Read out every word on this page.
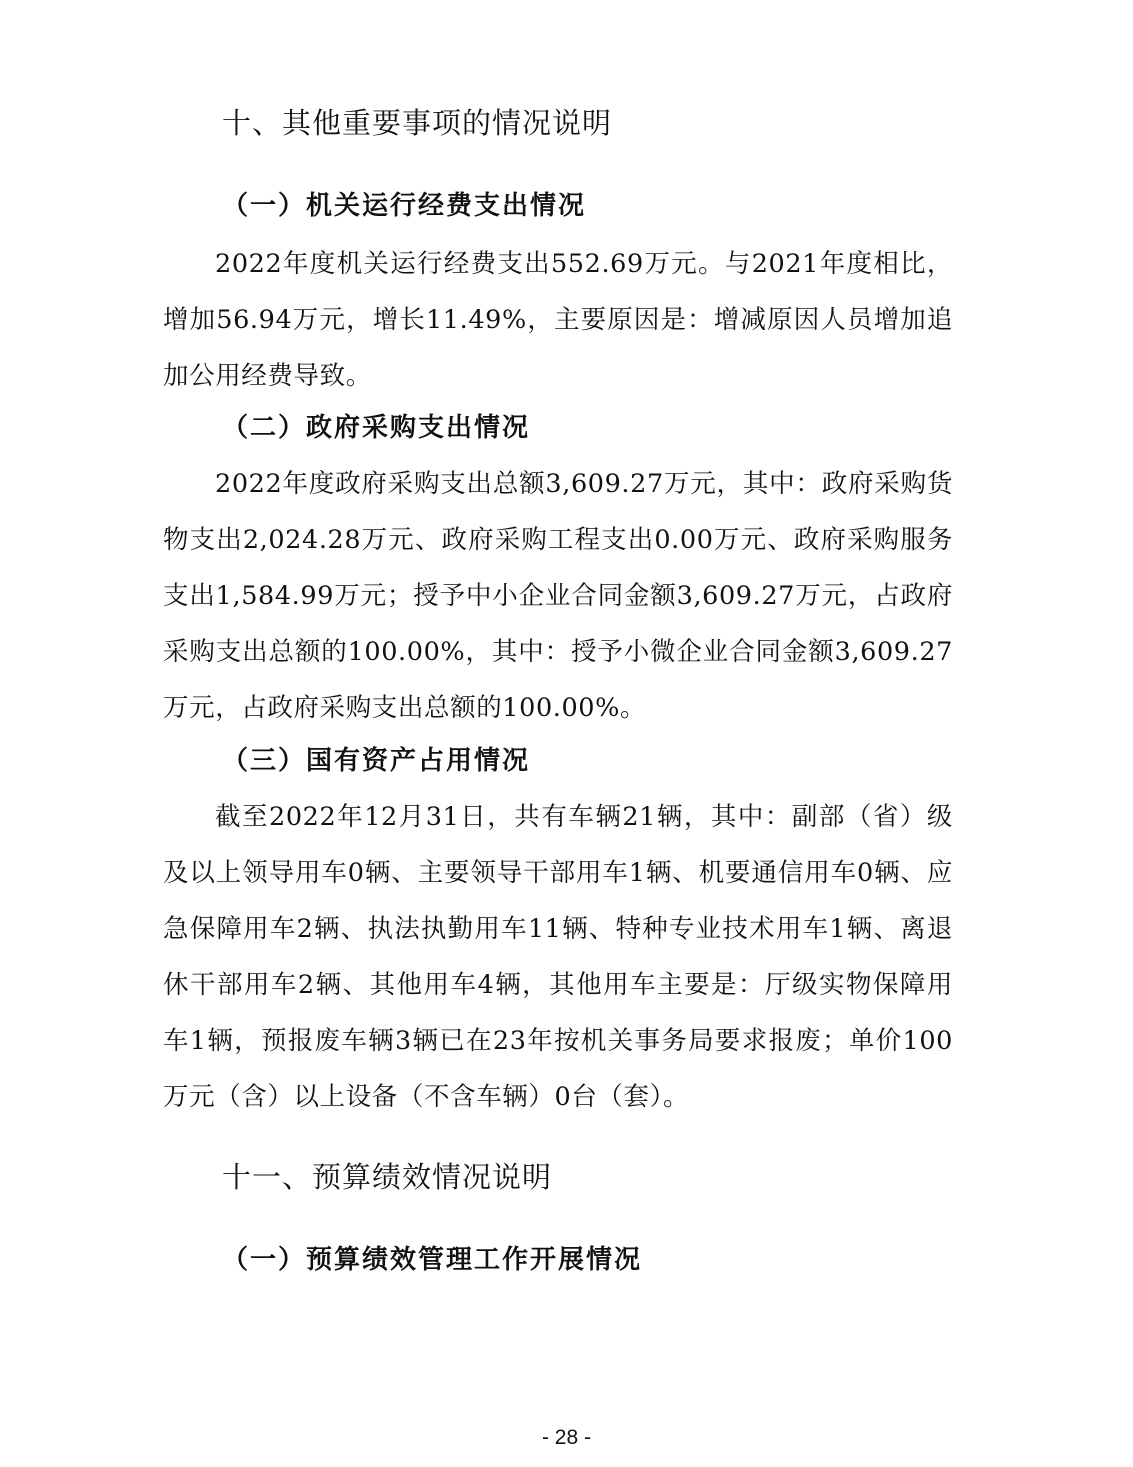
十、其他重要事项的情况说明
（一）机关运行经费支出情况
2022年度机关运行经费支出552.69万元。与2021年度相比，增加56.94万元，增长11.49%，主要原因是：增减原因人员增加追加公用经费导致。
（二）政府采购支出情况
2022年度政府采购支出总额3,609.27万元，其中：政府采购货物支出2,024.28万元、政府采购工程支出0.00万元、政府采购服务支出1,584.99万元；授予中小企业合同金额3,609.27万元，占政府采购支出总额的100.00%，其中：授予小微企业合同金额3,609.27万元，占政府采购支出总额的100.00%。
（三）国有资产占用情况
截至2022年12月31日，共有车辆21辆，其中：副部（省）级及以上领导用车0辆、主要领导干部用车1辆、机要通信用车0辆、应急保障用车2辆、执法执勤用车11辆、特种专业技术用车1辆、离退休干部用车2辆、其他用车4辆，其他用车主要是：厅级实物保障用车1辆，预报废车辆3辆已在23年按机关事务局要求报废；单价100万元（含）以上设备（不含车辆）0台（套）。
十一、预算绩效情况说明
（一）预算绩效管理工作开展情况
- 28 -
